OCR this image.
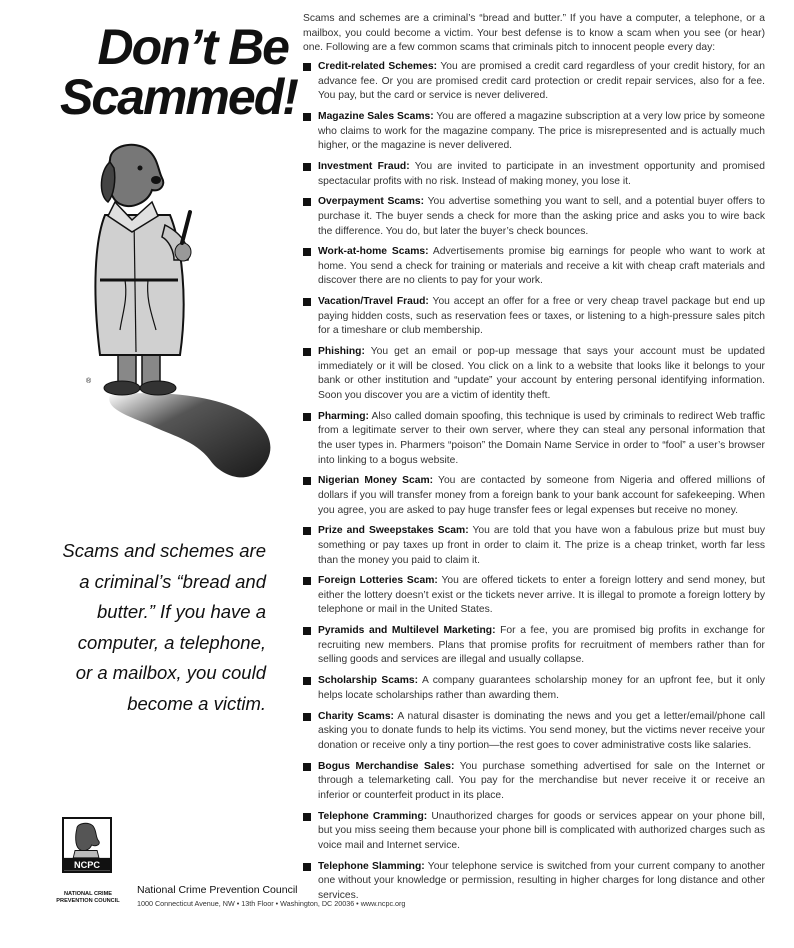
Don’t Be
Scammed!
®

Scams and schemes are a criminal’s “bread and butter.” If you have a computer, a telephone, or a mailbox, you could become a victim.

Scams and schemes are a criminal’s “bread and butter.” If you have a computer, a telephone, or a mailbox, you could become a victim. Your best defense is to know a scam when you see (or hear) one. Following are a few common scams that criminals pitch to innocent people every day:

Credit-related Schemes: You are promised a credit card regardless of your credit history, for an advance fee. Or you are promised credit card protection or credit repair services, also for a fee. You pay, but the card or service is never delivered.
Magazine Sales Scams: You are offered a magazine subscription at a very low price by someone who claims to work for the magazine company. The price is misrepresented and is actually much higher, or the magazine is never delivered.
Investment Fraud: You are invited to participate in an investment opportunity and promised spectacular profits with no risk. Instead of making money, you lose it.
Overpayment Scams: You advertise something you want to sell, and a potential buyer offers to purchase it. The buyer sends a check for more than the asking price and asks you to wire back the difference. You do, but later the buyer’s check bounces.
Work-at-home Scams: Advertisements promise big earnings for people who want to work at home. You send a check for training or materials and receive a kit with cheap craft materials and discover there are no clients to pay for your work.
Vacation/Travel Fraud: You accept an offer for a free or very cheap travel package but end up paying hidden costs, such as reservation fees or taxes, or listening to a high-pressure sales pitch for a timeshare or club membership.
Phishing: You get an email or pop-up message that says your account must be updated immediately or it will be closed. You click on a link to a website that looks like it belongs to your bank or other institution and “update” your account by entering personal identifying information. Soon you discover you are a victim of identity theft.
Pharming: Also called domain spoofing, this technique is used by criminals to redirect Web traffic from a legitimate server to their own server, where they can steal any personal information that the user types in. Pharmers “poison” the Domain Name Service in order to “fool” a user’s browser into linking to a bogus website.
Nigerian Money Scam: You are contacted by someone from Nigeria and offered millions of dollars if you will transfer money from a foreign bank to your bank account for safekeeping. When you agree, you are asked to pay huge transfer fees or legal expenses but receive no money.
Prize and Sweepstakes Scam: You are told that you have won a fabulous prize but must buy something or pay taxes up front in order to claim it. The prize is a cheap trinket, worth far less than the money you paid to claim it.
Foreign Lotteries Scam: You are offered tickets to enter a foreign lottery and send money, but either the lottery doesn’t exist or the tickets never arrive. It is illegal to promote a foreign lottery by telephone or mail in the United States.
Pyramids and Multilevel Marketing: For a fee, you are promised big profits in exchange for recruiting new members. Plans that promise profits for recruitment of members rather than for selling goods and services are illegal and usually collapse.
Scholarship Scams: A company guarantees scholarship money for an upfront fee, but it only helps locate scholarships rather than awarding them.
Charity Scams: A natural disaster is dominating the news and you get a letter/email/phone call asking you to donate funds to help its victims. You send money, but the victims never receive your donation or receive only a tiny portion—the rest goes to cover administrative costs like salaries.
Bogus Merchandise Sales: You purchase something advertised for sale on the Internet or through a telemarketing call. You pay for the merchandise but never receive it or receive an inferior or counterfeit product in its place.
Telephone Cramming: Unauthorized charges for goods or services appear on your phone bill, but you miss seeing them because your phone bill is complicated with authorized charges such as voice mail and Internet service.
Telephone Slamming: Your telephone service is switched from your current company to another one without your knowledge or permission, resulting in higher charges for long distance and other services.
NCPC

NATIONAL CRIME
PREVENTION COUNCIL

National Crime Prevention Council

1000 Connecticut Avenue, NW • 13th Floor • Washington, DC 20036 • www.ncpc.org
